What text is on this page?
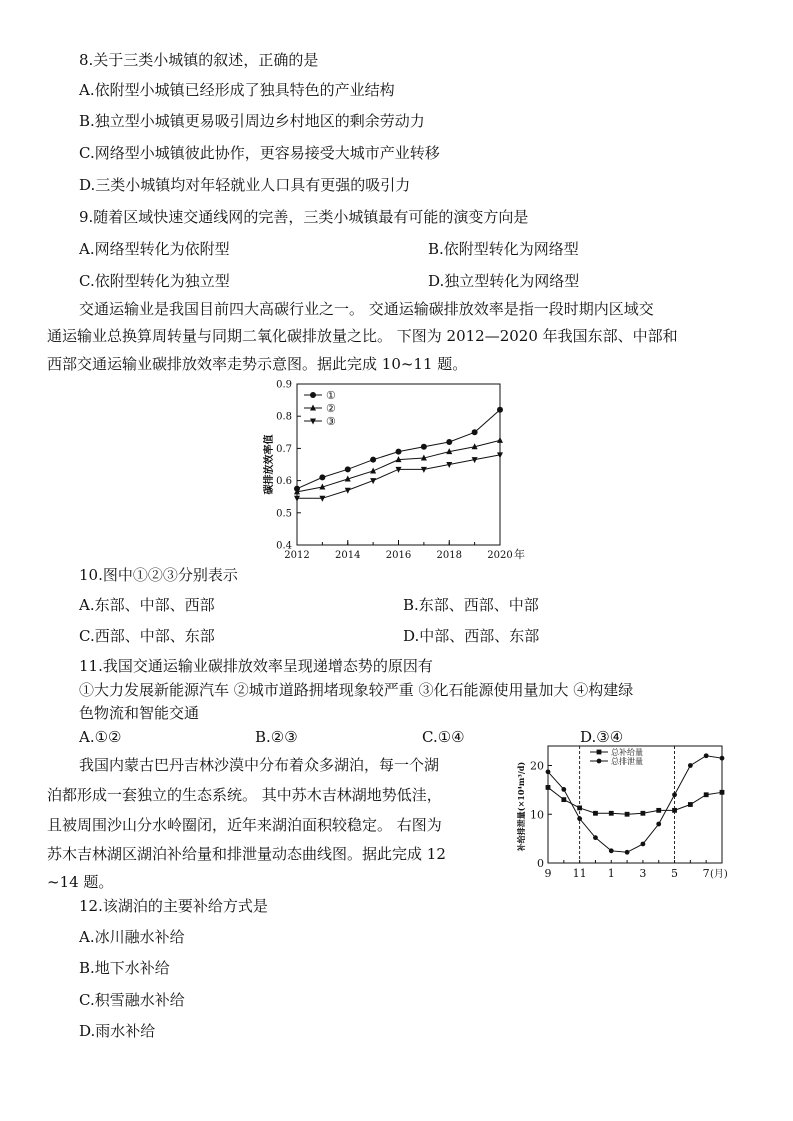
8.关于三类小城镇的叙述，正确的是
A.依附型小城镇已经形成了独具特色的产业结构
B.独立型小城镇更易吸引周边乡村地区的剩余劳动力
C.网络型小城镇彼此协作，更容易接受大城市产业转移
D.三类小城镇均对年轻就业人口具有更强的吸引力
9.随着区域快速交通线网的完善，三类小城镇最有可能的演变方向是
A.网络型转化为依附型	B.依附型转化为网络型
C.依附型转化为独立型	D.独立型转化为网络型
交通运输业是我国目前四大高碳行业之一。 交通运输碳排放效率是指一段时期内区域交
通运输业总换算周转量与同期二氧化碳排放量之比。 下图为 2012—2020 年我国东部、中部和
西部交通运输业碳排放效率走势示意图。据此完成 10~11 题。
0.4
0.5
0.6
0.7
0.8
0.9
2012	2014	2016	2018	2020 年
碳排放效率值
①
②
③
10.图中①②③分别表示
A.东部、中部、西部	B.东部、西部、中部
C.西部、中部、东部	D.中部、西部、东部
11.我国交通运输业碳排放效率呈现递增态势的原因有
①大力发展新能源汽车 ②城市道路拥堵现象较严重 ③化石能源使用量加大 ④构建绿
色物流和智能交通
A.①②	B.②③	C.①④	D.③④
我国内蒙古巴丹吉林沙漠中分布着众多湖泊，每一个湖
泊都形成一套独立的生态系统。 其中苏木吉林湖地势低洼，
且被周围沙山分水岭圈闭，近年来湖泊面积较稳定。 右图为
苏木吉林湖区湖泊补给量和排泄量动态曲线图。据此完成 12
~14 题。
0
10
20
9 11 1 3 5 7 (月)
补给排泄量(×10⁴m³/d)
总补给量
总排泄量
12.该湖泊的主要补给方式是
A.冰川融水补给
B.地下水补给
C.积雪融水补给
D.雨水补给
